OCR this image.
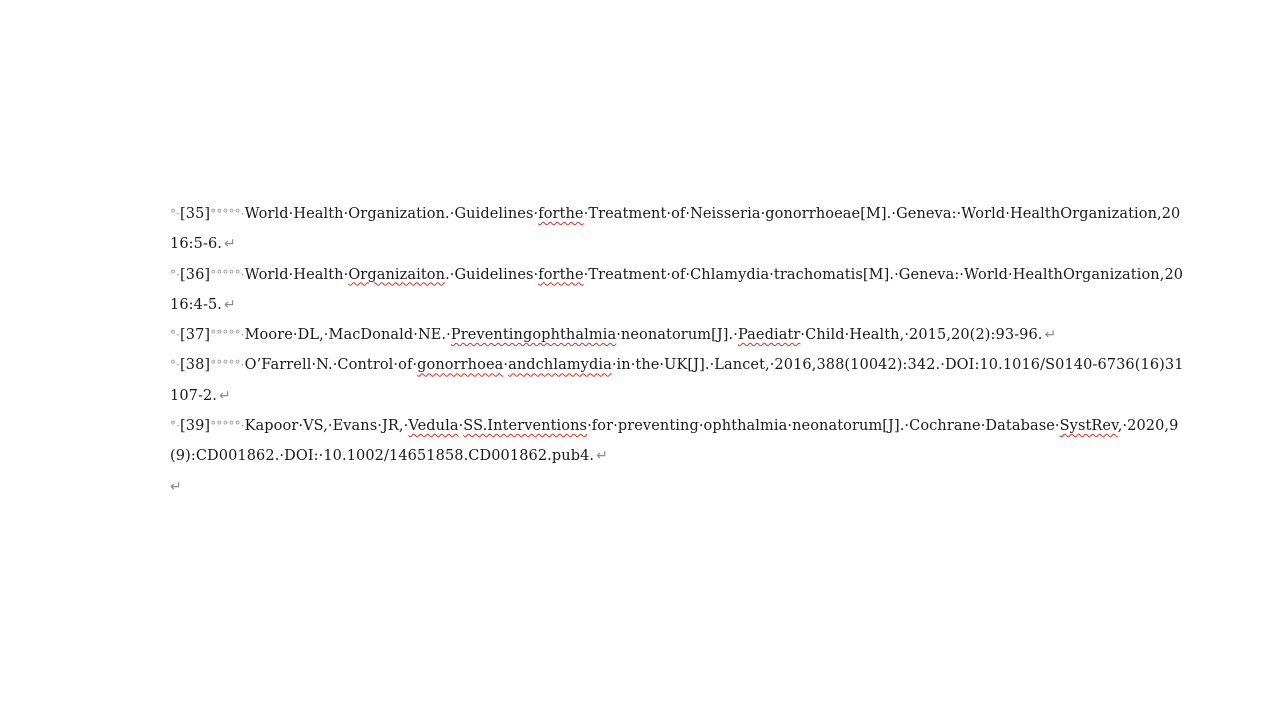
°·[35]°°°°°·World·Health·Organization.·Guidelines·forthe·Treatment·of·Neisseria·gonorrhoeae[M].·Geneva:·World·HealthOrganization,2016:5-6. ↵
°·[36]°°°°°·World·Health·Organizaiton.·Guidelines·forthe·Treatment·of·Chlamydia·trachomatis[M].·Geneva:·World·HealthOrganization,2016:4-5. ↵
°·[37]°°°°°·Moore·DL,·MacDonald·NE.·Preventingophthalmia·neonatorum[J].·Paediatr·Child·Health,·2015,20(2):93-96. ↵
°·[38]°°°°°·O’Farrell·N.·Control·of·gonorrhoea·andchlamydia·in·the·UK[J].·Lancet,·2016,388(10042):342.·DOI:10.1016/S0140-6736(16)31107-2. ↵
°·[39]°°°°°·Kapoor·VS,·Evans·JR,·Vedula·SS.Interventions·for·preventing·ophthalmia·neonatorum[J].·Cochrane·Database·SystRev,·2020,9(9):CD001862.·DOI:·10.1002/14651858.CD001862.pub4. ↵
↵
